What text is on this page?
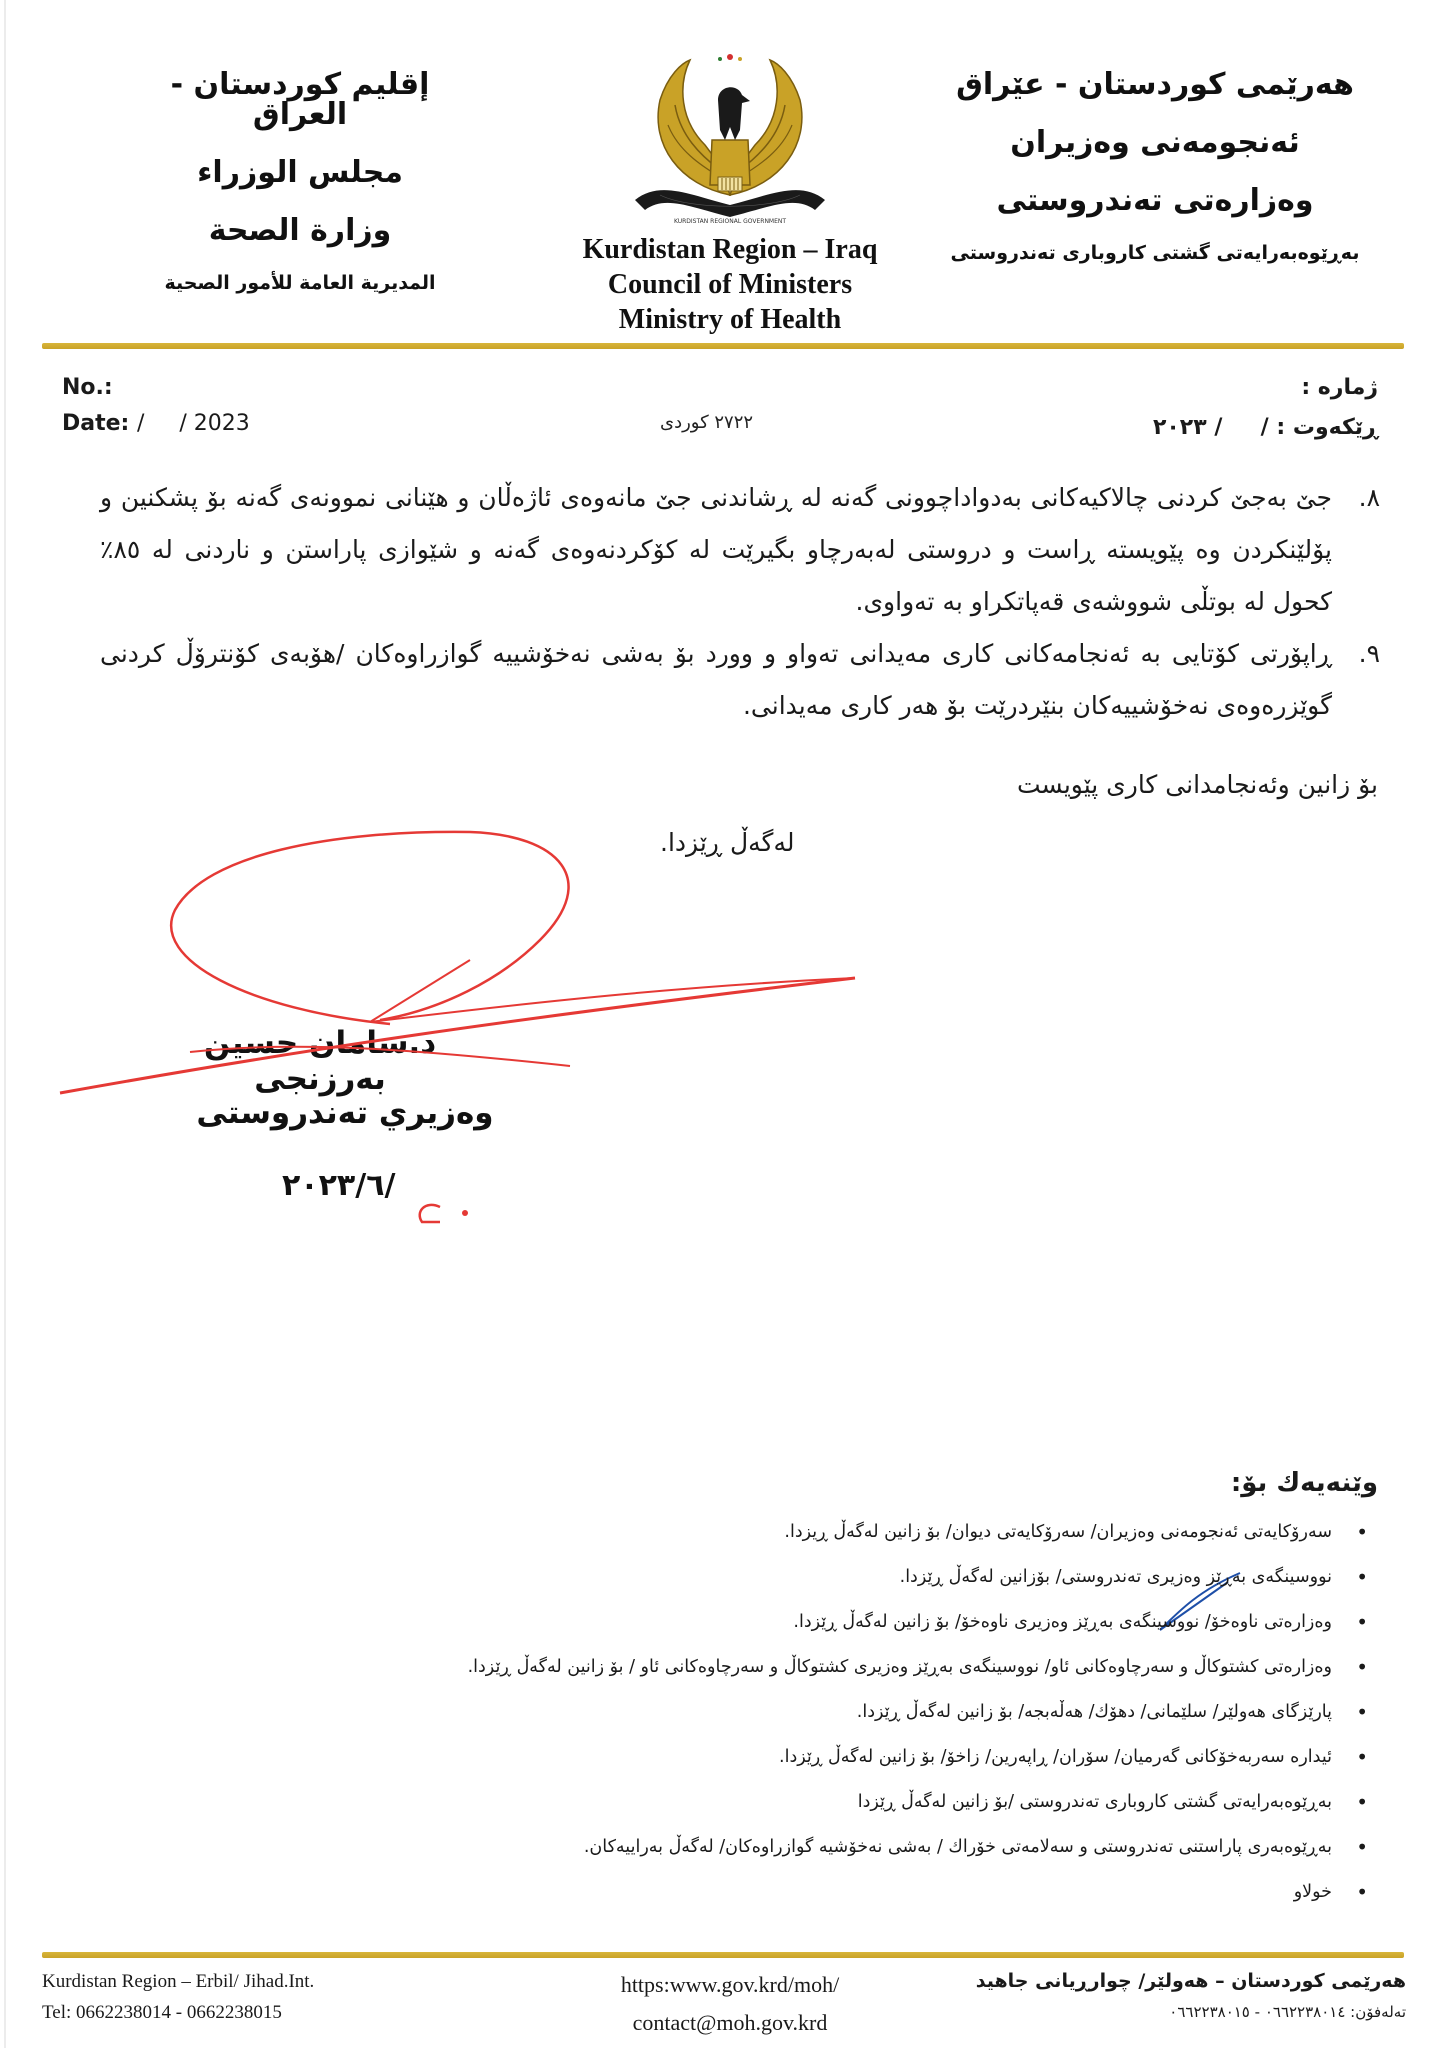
إقليم كوردستان - العراق
مجلس الوزراء
وزارة الصحة
المديرية العامة للأمور الصحية
KURDISTAN REGIONAL GOVERNMENT
Kurdistan Region – Iraq
Council of Ministers
Ministry of Health
هەرێمی کوردستان - عێراق
ئەنجومەنی وەزیران
وەزارەتی تەندروستی
بەڕێوەبەرایەتی گشتی کاروباری تەندروستی
No.:
Date: /     / 2023	٢٧٢٢ کوردی
ژمارە :
ڕێکەوت : /     / ٢٠٢٣
٨.
جێ بەجێ کردنی چالاکیەکانی بەدواداچوونی گەنە لە ڕشاندنی جێ مانەوەی ئاژەڵان و هێنانی نموونەی گەنە بۆ پشکنین و پۆلێنکردن وە پێویستە ڕاست و دروستی لەبەرچاو بگیرێت لە کۆکردنەوەی گەنە و شێوازی پاراستن و ناردنی لە ٨٥٪ کحول لە بوتڵی شووشەی قەپاتکراو بە تەواوی.
٩.
ڕاپۆرتی کۆتایی بە ئەنجامەکانی کاری مەیدانی تەواو و وورد بۆ بەشی نەخۆشییە گوازراوەکان /هۆبەی کۆنترۆڵ کردنی گوێزرەوەی نەخۆشییەکان بنێردرێت بۆ هەر کاری مەیدانی.
بۆ زانین وئەنجامدانی کاری پێویست
لەگەڵ ڕێزدا.
د.سامان حسین بەرزنجی
وەزیري تەندروستی
٢٠٢٣/٦/
وێنەیەك بۆ:
• سەرۆکایەتی ئەنجومەنی وەزیران/ سەرۆکایەتی دیوان/ بۆ زانین لەگەڵ ڕیزدا.
• نووسینگەی بەڕێز وەزیری تەندروستی/ بۆزانین لەگەڵ ڕێزدا.
• وەزارەتی ناوەخۆ/ نووسینگەی بەڕێز وەزیری ناوەخۆ/ بۆ زانین لەگەڵ ڕێزدا.
• وەزارەتی کشتوکاڵ و سەرچاوەکانی ئاو/ نووسینگەی بەڕێز وەزیری کشتوکاڵ و سەرچاوەکانی ئاو / بۆ زانین لەگەڵ ڕێزدا.
• پارێزگای هەولێر/ سلێمانی/ دهۆك/ هەڵەبجە/ بۆ زانین لەگەڵ ڕێزدا.
• ئیدارە سەربەخۆکانی گەرمیان/ سۆران/ ڕاپەرین/ زاخۆ/ بۆ زانین لەگەڵ ڕێزدا.
• بەڕێوەبەرایەتی گشتی کاروباری تەندروستی /بۆ زانین لەگەڵ ڕێزدا
• بەڕێوەبەری پاراستنی تەندروستی و سەلامەتی خۆراك / بەشی نەخۆشیە گوازراوەکان/ لەگەڵ بەراییەکان.
• خولاو
Kurdistan Region – Erbil/ Jihad.Int.
Tel: 0662238014 - 0662238015
https:www.gov.krd/moh/
contact@moh.gov.krd
هەرێمی کوردستان – هەولێر/ چوارڕیانی جاهید
تەلەفۆن: ٠٦٦٢٢٣٨٠١٤ - ٠٦٦٢٢٣٨٠١٥
